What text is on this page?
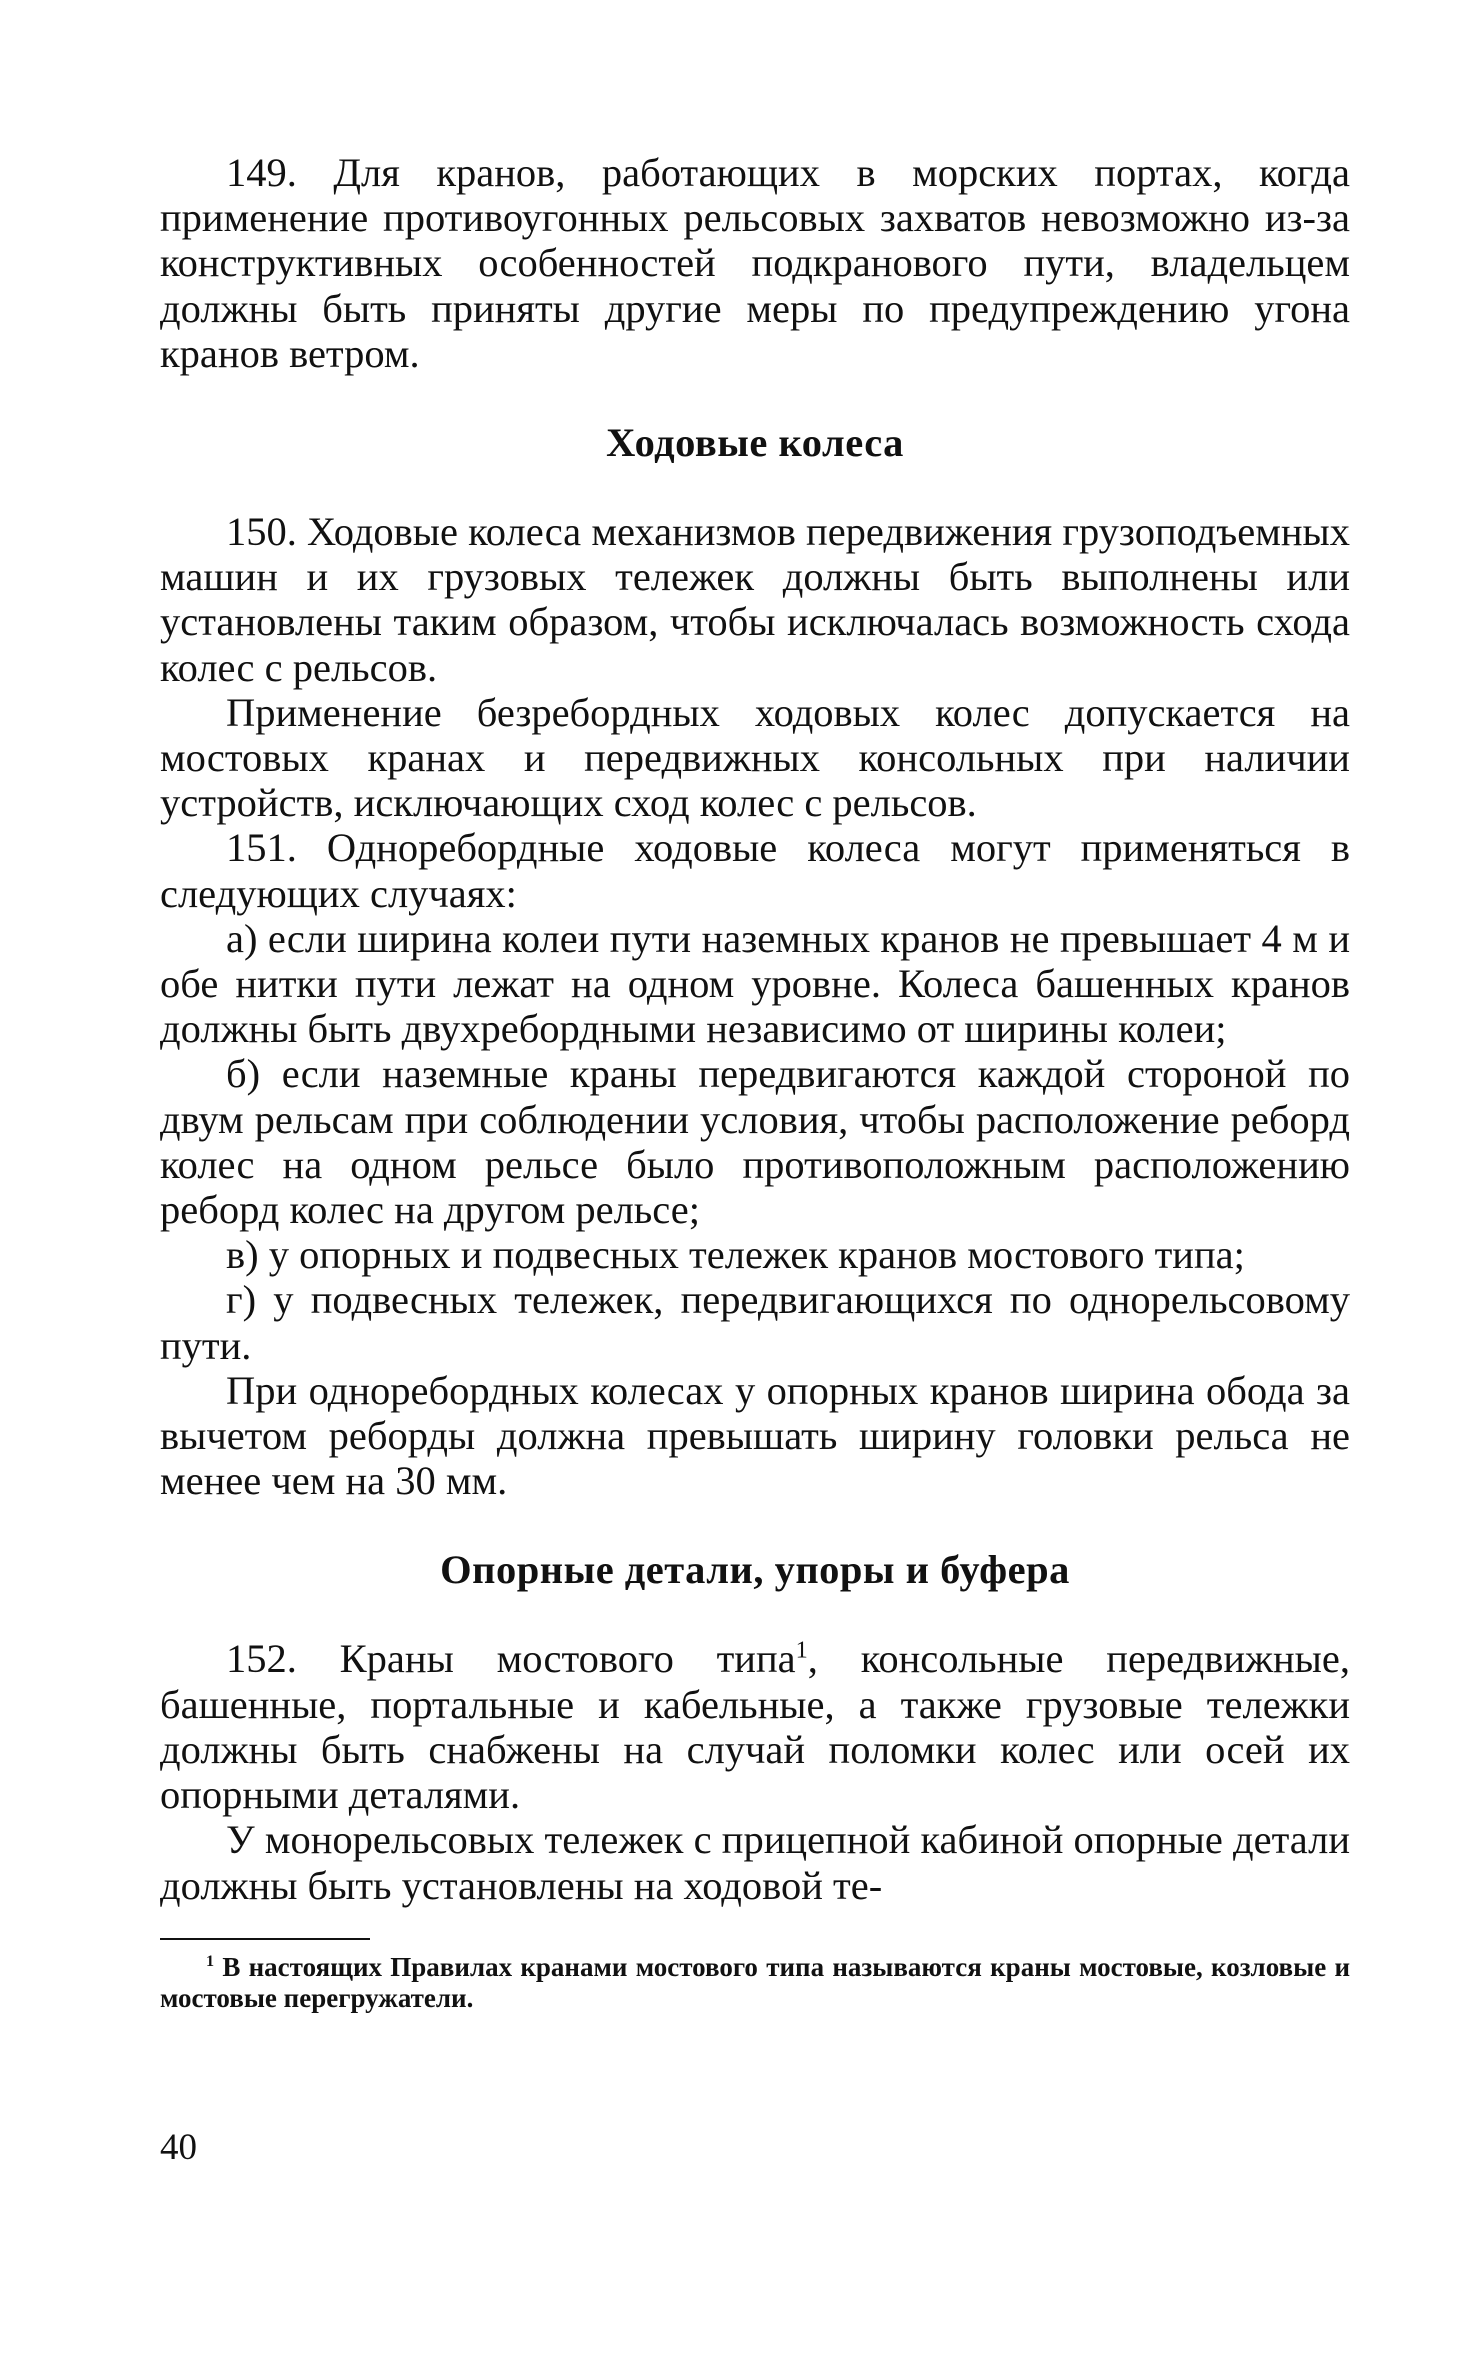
149. Для кранов, работающих в морских портах, когда применение противоугонных рельсовых захватов невозможно из-за конструктивных особенностей подкранового пути, владельцем должны быть приняты другие меры по предупреждению угона кранов ветром.

Ходовые колеса

150. Ходовые колеса механизмов передвижения грузоподъемных машин и их грузовых тележек должны быть выполнены или установлены таким образом, чтобы исключалась возможность схода колес с рельсов.

Применение безребордных ходовых колес допускается на мостовых кранах и передвижных консольных при наличии устройств, исключающих сход колес с рельсов.

151. Одноребордные ходовые колеса могут применяться в следующих случаях:

а) если ширина колеи пути наземных кранов не превышает 4 м и обе нитки пути лежат на одном уровне. Колеса башенных кранов должны быть двухребордными независимо от ширины колеи;

б) если наземные краны передвигаются каждой стороной по двум рельсам при соблюдении условия, чтобы расположение реборд колес на одном рельсе было противоположным расположению реборд колес на другом рельсе;

в) у опорных и подвесных тележек кранов мостового типа;

г) у подвесных тележек, передвигающихся по однорельсовому пути.

При одноребордных колесах у опорных кранов ширина обода за вычетом реборды должна превышать ширину головки рельса не менее чем на 30 мм.

Опорные детали, упоры и буфера

152. Краны мостового типа$^1$, консольные передвижные, башенные, портальные и кабельные, а также грузовые тележки должны быть снабжены на случай поломки колес или осей их опорными деталями.

У монорельсовых тележек с прицепной кабиной опорные детали должны быть установлены на ходовой те-

$^1$ В настоящих Правилах кранами мостового типа называются краны мостовые, козловые и мостовые перегружатели.

40
